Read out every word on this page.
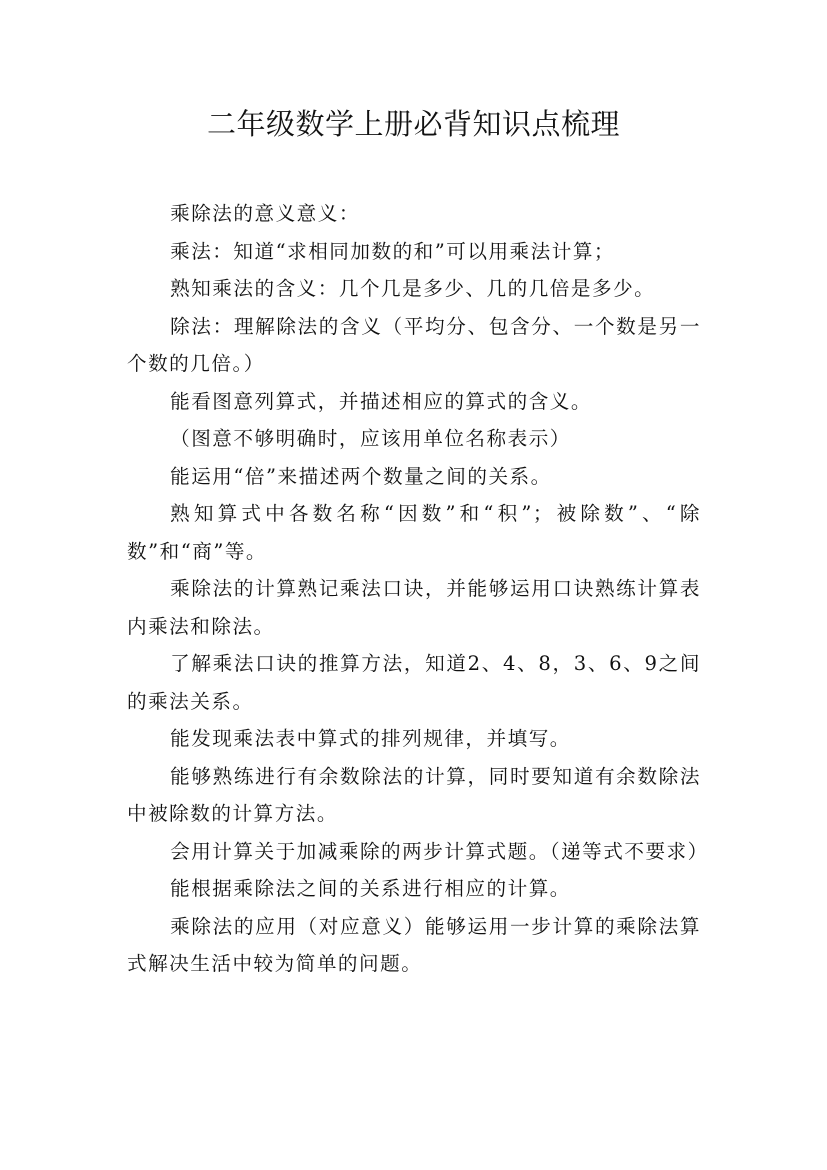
二年级数学上册必背知识点梳理

乘除法的意义意义：

乘法：知道“求相同加数的和”可以用乘法计算；

熟知乘法的含义：几个几是多少、几的几倍是多少。

除法：理解除法的含义（平均分、包含分、一个数是另一个数的几倍。）

能看图意列算式，并描述相应的算式的含义。

（图意不够明确时，应该用单位名称表示）

能运用“倍”来描述两个数量之间的关系。

熟知算式中各数名称“因数”和“积”；被除数”、“除数”和“商”等。

乘除法的计算熟记乘法口诀，并能够运用口诀熟练计算表内乘法和除法。

了解乘法口诀的推算方法，知道2、4、8，3、6、9之间的乘法关系。

能发现乘法表中算式的排列规律，并填写。

能够熟练进行有余数除法的计算，同时要知道有余数除法中被除数的计算方法。

会用计算关于加减乘除的两步计算式题。（递等式不要求）

能根据乘除法之间的关系进行相应的计算。

乘除法的应用（对应意义）能够运用一步计算的乘除法算式解决生活中较为简单的问题。
